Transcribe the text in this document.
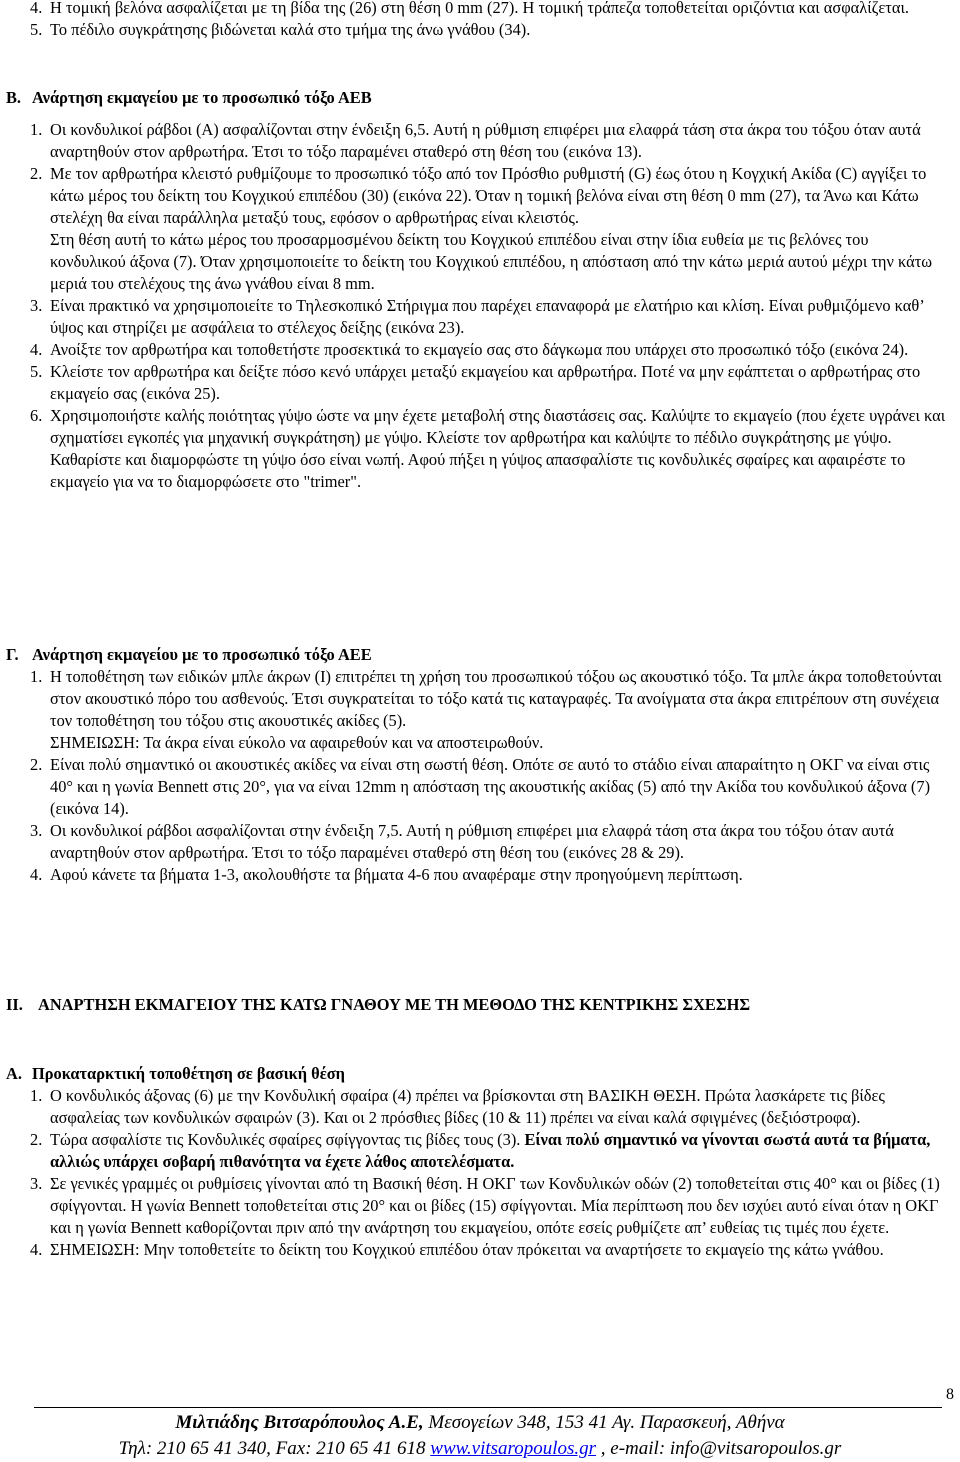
4. Η τομική βελόνα ασφαλίζεται με τη βίδα της (26) στη θέση 0 mm (27). Η τομική τράπεζα τοποθετείται οριζόντια και ασφαλίζεται.
5. Το πέδιλο συγκράτησης βιδώνεται καλά στο τμήμα της άνω γνάθου (34).
Β. Ανάρτηση εκμαγείου με το προσωπικό τόξο ΑΕΒ
1. Οι κονδυλικοί ράβδοι (A) ασφαλίζονται στην ένδειξη 6,5. Αυτή η ρύθμιση επιφέρει μια ελαφρά τάση στα άκρα του τόξου όταν αυτά αναρτηθούν στον αρθρωτήρα. Έτσι το τόξο παραμένει σταθερό στη θέση του (εικόνα 13).
2. Με τον αρθρωτήρα κλειστό ρυθμίζουμε το προσωπικό τόξο από τον Πρόσθιο ρυθμιστή (G) έως ότου η Κογχική Ακίδα (C) αγγίξει το κάτω μέρος του δείκτη του Κογχικού επιπέδου (30) (εικόνα 22). Όταν η τομική βελόνα είναι στη θέση 0 mm (27), τα Άνω και Κάτω στελέχη θα είναι παράλληλα μεταξύ τους, εφόσον ο αρθρωτήρας είναι κλειστός.
Στη θέση αυτή το κάτω μέρος του προσαρμοσμένου δείκτη του Κογχικού επιπέδου είναι στην ίδια ευθεία με τις βελόνες του κονδυλικού άξονα (7). Όταν χρησιμοποιείτε το δείκτη του Κογχικού επιπέδου, η απόσταση από την κάτω μεριά αυτού μέχρι την κάτω μεριά του στελέχους της άνω γνάθου είναι 8 mm.
3. Είναι πρακτικό να χρησιμοποιείτε το Τηλεσκοπικό Στήριγμα που παρέχει επαναφορά με ελατήριο και κλίση. Είναι ρυθμιζόμενο καθ’ ύψος και στηρίζει με ασφάλεια το στέλεχος δείξης (εικόνα 23).
4. Ανοίξτε τον αρθρωτήρα και τοποθετήστε προσεκτικά το εκμαγείο σας στο δάγκωμα που υπάρχει στο προσωπικό τόξο (εικόνα 24).
5. Κλείστε τον αρθρωτήρα και δείξτε πόσο κενό υπάρχει μεταξύ εκμαγείου και αρθρωτήρα. Ποτέ να μην εφάπτεται ο αρθρωτήρας στο εκμαγείο σας (εικόνα 25).
6. Χρησιμοποιήστε καλής ποιότητας γύψο ώστε να μην έχετε μεταβολή στης διαστάσεις σας. Καλύψτε το εκμαγείο (που έχετε υγράνει και σχηματίσει εγκοπές για μηχανική συγκράτηση) με γύψο. Κλείστε τον αρθρωτήρα και καλύψτε το πέδιλο συγκράτησης με γύψο. Καθαρίστε και διαμορφώστε τη γύψο όσο είναι νωπή. Αφού πήξει η γύψος απασφαλίστε τις κονδυλικές σφαίρες και αφαιρέστε το εκμαγείο για να το διαμορφώσετε στο "trimer".
Γ. Ανάρτηση εκμαγείου με το προσωπικό τόξο ΑΕΕ
1. Η τοποθέτηση των ειδικών μπλε άκρων (I) επιτρέπει τη χρήση του προσωπικού τόξου ως ακουστικό τόξο. Τα μπλε άκρα τοποθετούνται στον ακουστικό πόρο του ασθενούς. Έτσι συγκρατείται το τόξο κατά τις καταγραφές. Τα ανοίγματα στα άκρα επιτρέπουν στη συνέχεια τον τοποθέτηση του τόξου στις ακουστικές ακίδες (5).
ΣΗΜΕΙΩΣΗ: Τα άκρα είναι εύκολο να αφαιρεθούν και να αποστειρωθούν.
2. Είναι πολύ σημαντικό οι ακουστικές ακίδες να είναι στη σωστή θέση. Οπότε σε αυτό το στάδιο είναι απαραίτητο η ΟΚΓ να είναι στις 40° και η γωνία Bennett στις 20°, για να είναι 12mm η απόσταση της ακουστικής ακίδας (5) από την Ακίδα του κονδυλικού άξονα (7) (εικόνα 14).
3. Οι κονδυλικοί ράβδοι ασφαλίζονται στην ένδειξη 7,5. Αυτή η ρύθμιση επιφέρει μια ελαφρά τάση στα άκρα του τόξου όταν αυτά αναρτηθούν στον αρθρωτήρα. Έτσι το τόξο παραμένει σταθερό στη θέση του (εικόνες 28 & 29).
4. Αφού κάνετε τα βήματα 1-3, ακολουθήστε τα βήματα 4-6 που αναφέραμε στην προηγούμενη περίπτωση.
II. ΑΝΑΡΤΗΣΗ ΕΚΜΑΓΕΙΟΥ ΤΗΣ ΚΑΤΩ ΓΝΑΘΟΥ ΜΕ ΤΗ ΜΕΘΟΔΟ ΤΗΣ ΚΕΝΤΡΙΚΗΣ ΣΧΕΣΗΣ
Α. Προκαταρκτική τοποθέτηση σε βασική θέση
1. Ο κονδυλικός άξονας (6) με την Κονδυλική σφαίρα (4) πρέπει να βρίσκονται στη ΒΑΣΙΚΗ ΘΕΣΗ. Πρώτα λασκάρετε τις βίδες ασφαλείας των κονδυλικών σφαιρών (3). Και οι 2 πρόσθιες βίδες (10 & 11) πρέπει να είναι καλά σφιγμένες (δεξιόστροφα).
2. Τώρα ασφαλίστε τις Κονδυλικές σφαίρες σφίγγοντας τις βίδες τους (3). Είναι πολύ σημαντικό να γίνονται σωστά αυτά τα βήματα, αλλιώς υπάρχει σοβαρή πιθανότητα να έχετε λάθος αποτελέσματα.
3. Σε γενικές γραμμές οι ρυθμίσεις γίνονται από τη Βασική θέση. Η ΟΚΓ των Κονδυλικών οδών (2) τοποθετείται στις 40° και οι βίδες (1) σφίγγονται. Η γωνία Bennett τοποθετείται στις 20° και οι βίδες (15) σφίγγονται. Μία περίπτωση που δεν ισχύει αυτό είναι όταν η ΟΚΓ και η γωνία Bennett καθορίζονται πριν από την ανάρτηση του εκμαγείου, οπότε εσείς ρυθμίζετε απ’ ευθείας τις τιμές που έχετε.
4. ΣΗΜΕΙΩΣΗ: Μην τοποθετείτε το δείκτη του Κογχικού επιπέδου όταν πρόκειται να αναρτήσετε το εκμαγείο της κάτω γνάθου.
8
Μιλτιάδης Βιτσαρόπουλος Α.Ε, Μεσογείων 348, 153 41 Αγ. Παρασκευή, Αθήνα
Τηλ: 210 65 41 340, Fax: 210 65 41 618 www.vitsaropoulos.gr , e-mail: info@vitsaropoulos.gr
